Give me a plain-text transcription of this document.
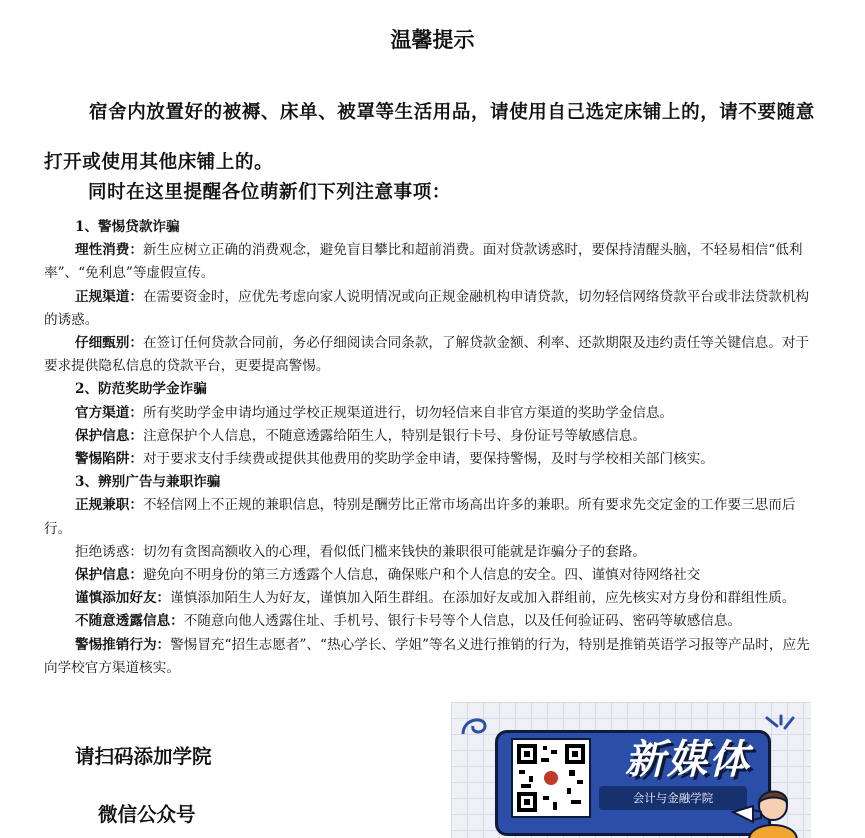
温馨提示
宿舍内放置好的被褥、床单、被罩等生活用品，请使用自己选定床铺上的，请不要随意打开或使用其他床铺上的。
同时在这里提醒各位萌新们下列注意事项：

1、警惕贷款诈骗

理性消费：新生应树立正确的消费观念，避免盲目攀比和超前消费。面对贷款诱惑时，要保持清醒头脑，不轻易相信“低利率”、“免利息”等虚假宣传。

正规渠道：在需要资金时，应优先考虑向家人说明情况或向正规金融机构申请贷款，切勿轻信网络贷款平台或非法贷款机构的诱惑。

仔细甄别：在签订任何贷款合同前，务必仔细阅读合同条款，了解贷款金额、利率、还款期限及违约责任等关键信息。对于要求提供隐私信息的贷款平台，更要提高警惕。

2、防范奖助学金诈骗

官方渠道：所有奖助学金申请均通过学校正规渠道进行，切勿轻信来自非官方渠道的奖助学金信息。

保护信息：注意保护个人信息，不随意透露给陌生人，特别是银行卡号、身份证号等敏感信息。

警惕陷阱：对于要求支付手续费或提供其他费用的奖助学金申请，要保持警惕，及时与学校相关部门核实。

3、辨别广告与兼职诈骗

正规兼职：不轻信网上不正规的兼职信息，特别是酬劳比正常市场高出许多的兼职。所有要求先交定金的工作要三思而后行。

拒绝诱惑：切勿有贪图高额收入的心理，看似低门槛来钱快的兼职很可能就是诈骗分子的套路。

保护信息：避免向不明身份的第三方透露个人信息，确保账户和个人信息的安全。四、谨慎对待网络社交

谨慎添加好友：谨慎添加陌生人为好友，谨慎加入陌生群组。在添加好友或加入群组前，应先核实对方身份和群组性质。

不随意透露信息：不随意向他人透露住址、手机号、银行卡号等个人信息，以及任何验证码、密码等敏感信息。

警惕推销行为：警惕冒充“招生志愿者”、“热心学长、学姐”等名义进行推销的行为，特别是推销英语学习报等产品时，应先向学校官方渠道核实。

请扫码添加学院
微信公众号
新媒体
会计与金融学院
